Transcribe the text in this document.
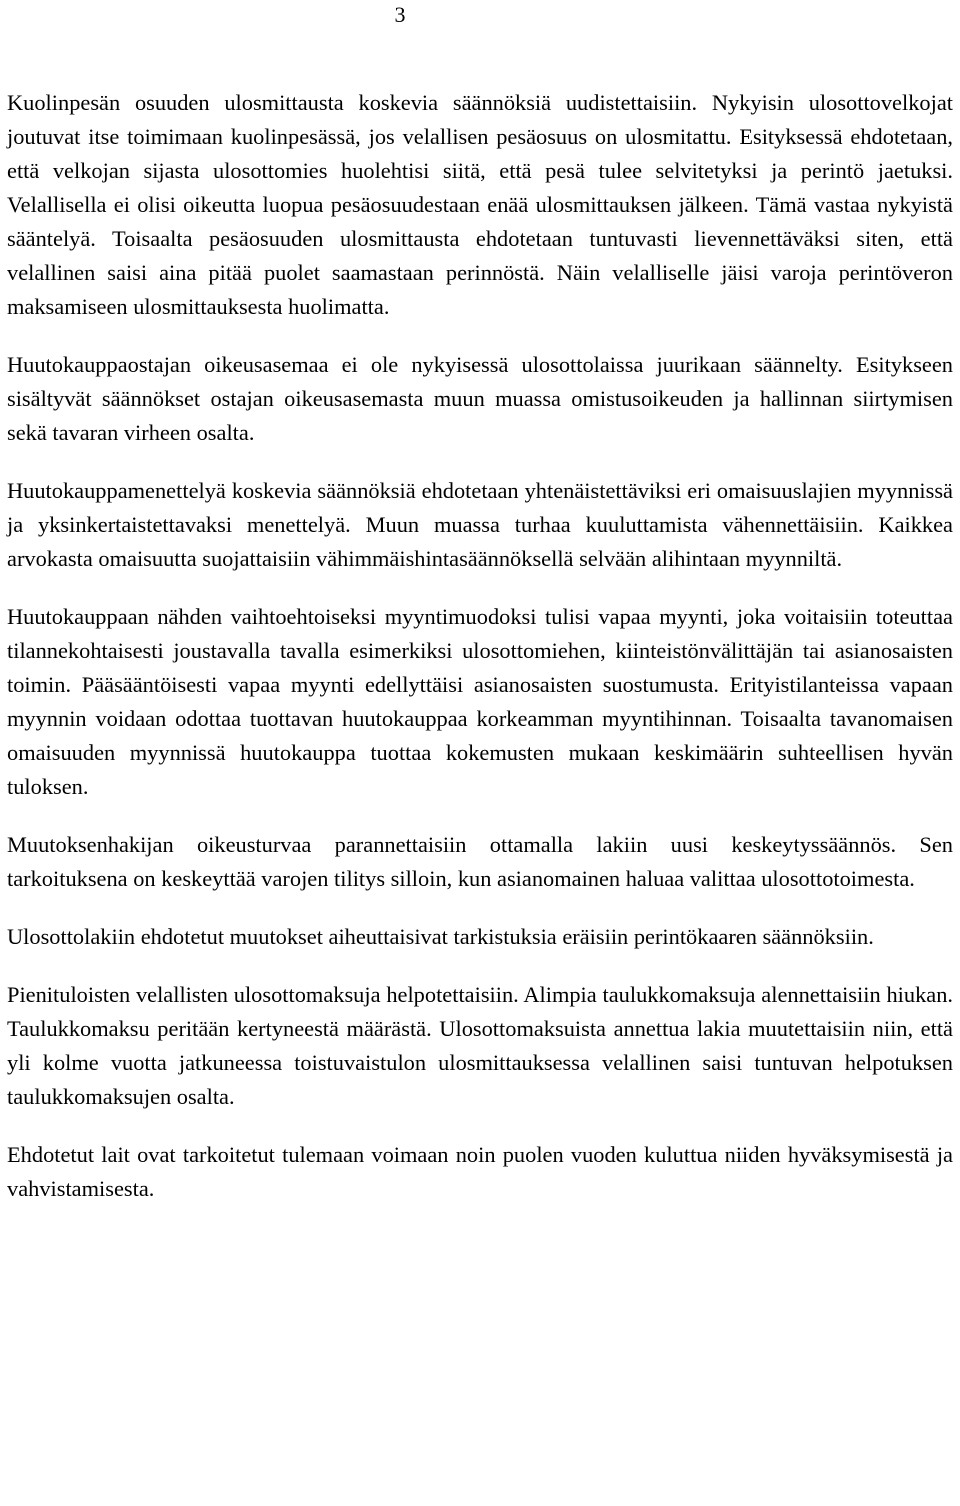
3

Kuolinpesän osuuden ulosmittausta koskevia säännöksiä uudistettaisiin. Nykyisin ulosottovelkojat joutuvat itse toimimaan kuolinpesässä, jos velallisen pesäosuus on ulosmitattu. Esityksessä ehdotetaan, että velkojan sijasta ulosottomies huolehtisi siitä, että pesä tulee selvitetyksi ja perintö jaetuksi. Velallisella ei olisi oikeutta luopua pesäosuudestaan enää ulosmittauksen jälkeen. Tämä vastaa nykyistä sääntelyä. Toisaalta pesäosuuden ulosmittausta ehdotetaan tuntuvasti lievennettäväksi siten, että velallinen saisi aina pitää puolet saamastaan perinnöstä. Näin velalliselle jäisi varoja perintöveron maksamiseen ulosmittauksesta huolimatta.

Huutokauppaostajan oikeusasemaa ei ole nykyisessä ulosottolaissa juurikaan säännelty. Esitykseen sisältyvät säännökset ostajan oikeusasemasta muun muassa omistusoikeuden ja hallinnan siirtymisen sekä tavaran virheen osalta.

Huutokauppamenettelyä koskevia säännöksiä ehdotetaan yhtenäistettäviksi eri omaisuuslajien myynnissä ja yksinkertaistettavaksi menettelyä. Muun muassa turhaa kuuluttamista vähennettäisiin. Kaikkea arvokasta omaisuutta suojattaisiin vähimmäishintasäännöksellä selvään alihintaan myynniltä.

Huutokauppaan nähden vaihtoehtoiseksi myyntimuodoksi tulisi vapaa myynti, joka voitaisiin toteuttaa tilannekohtaisesti joustavalla tavalla esimerkiksi ulosottomiehen, kiinteistönvälittäjän tai asianosaisten toimin. Pääsääntöisesti vapaa myynti edellyttäisi asianosaisten suostumusta. Erityistilanteissa vapaan myynnin voidaan odottaa tuottavan huutokauppaa korkeamman myyntihinnan. Toisaalta tavanomaisen omaisuuden myynnissä huutokauppa tuottaa kokemusten mukaan keskimäärin suhteellisen hyvän tuloksen.

Muutoksenhakijan oikeusturvaa parannettaisiin ottamalla lakiin uusi keskeytyssäännös. Sen tarkoituksena on keskeyttää varojen tilitys silloin, kun asianomainen haluaa valittaa ulosottotoimesta.

Ulosottolakiin ehdotetut muutokset aiheuttaisivat tarkistuksia eräisiin perintökaaren säännöksiin.

Pienituloisten velallisten ulosottomaksuja helpotettaisiin. Alimpia taulukkomaksuja alennettaisiin hiukan. Taulukkomaksu peritään kertyneestä määrästä. Ulosottomaksuista annettua lakia muutettaisiin niin, että yli kolme vuotta jatkuneessa toistuvaistulon ulosmittauksessa velallinen saisi tuntuvan helpotuksen taulukkomaksujen osalta.

Ehdotetut lait ovat tarkoitetut tulemaan voimaan noin puolen vuoden kuluttua niiden hyväksymisestä ja vahvistamisesta.
